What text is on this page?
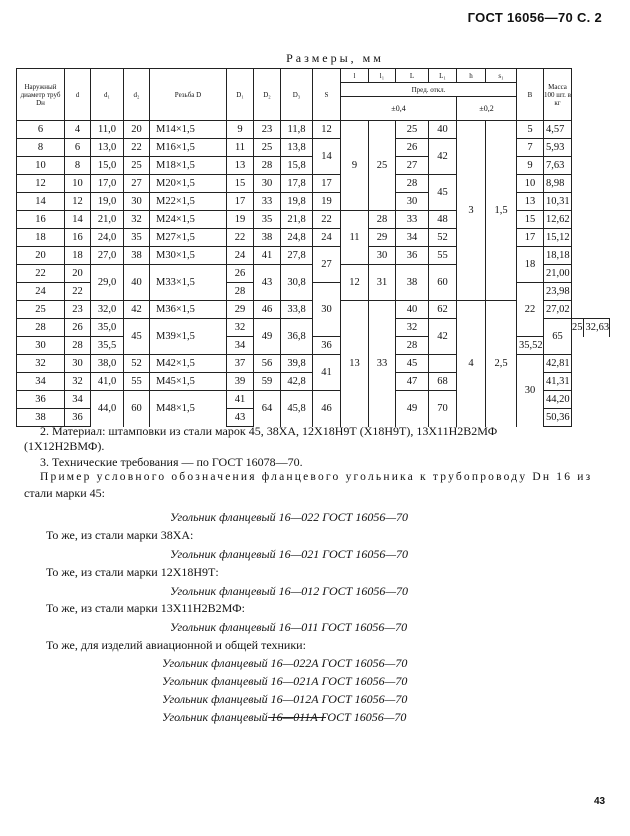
ГОСТ 16056—70 С. 2
Размеры, мм
Наружный диаметр труб Dн	d	d₁	d₂	Резьба D	D₁	D₂	D₃	S	l	l₁	L	L₁	h	s₁	B	Масса 100 шт. в кг		
									Пред. откл.									
									±0,4				±0,2					
6	4	11,0	20	М14×1,5	9	23	11,8	12	9	25	25	40	3	1,5	5	4,57		
8	6	13,0	22	М16×1,5	11	25	13,8	14			26	42			7	5,93		
10	8	15,0	25	М18×1,5	13	28	15,8				27				9	7,63		
12	10	17,0	27	М20×1,5	15	30	17,8	17			28	45			10	8,98		
14	12	19,0	30	М22×1,5	17	33	19,8	19			30				13	10,31		
16	14	21,0	32	М24×1,5	19	35	21,8	22	11	28	33	48			15	12,62		
18	16	24,0	35	М27×1,5	22	38	24,8	24		29	34	52			17	15,12		
20	18	27,0	38	М30×1,5	24	41	27,8	27		30	36	55			18	18,18		
22	20	29,0	40	М33×1,5	26	43	30,8		12	31	38	60				21,00		
24	22				28			30							22	23,98		
25	23	32,0	42	М36×1,5	29	46	33,8		13	33	40	62	4	2,5		27,02		
28	26	35,0	45	М39×1,5	32	49	36,8				32	42				65	25	32,63
30	28	35,5			34			36			28				35,52			
32	30	38,0	52	М42×1,5	37	56	39,8	41			45				30	42,81		
34	32	41,0	55	М45×1,5	39	59	42,8				47	68				41,31		
36	34	44,0	60	М48×1,5	41	64	45,8	46			49	70				44,20		
38	36				43											50,36		
2. Материал: штамповки из стали марок 45, 38ХА, 12Х18Н9Т (Х18Н9Т), 13Х11Н2В2МФ
(1Х12Н2ВМФ).
3. Технические требования — по ГОСТ 16078—70.
Пример условного обозначения фланцевого угольника к трубопроводу Dн 16 из
стали марки 45:
Угольник фланцевый 16—022 ГОСТ 16056—70
То же, из стали марки 38ХА:
Угольник фланцевый 16—021 ГОСТ 16056—70
То же, из стали марки 12Х18Н9Т:
Угольник фланцевый 16—012 ГОСТ 16056—70
То же, из стали марки 13Х11Н2В2МФ:
Угольник фланцевый 16—011 ГОСТ 16056—70
То же, для изделий авиационной и общей техники:
Угольник фланцевый 16—022А ГОСТ 16056—70
Угольник фланцевый 16—021А ГОСТ 16056—70
Угольник фланцевый 16—012А ГОСТ 16056—70
Угольник фланцевый 16—011А ГОСТ 16056—70
43
